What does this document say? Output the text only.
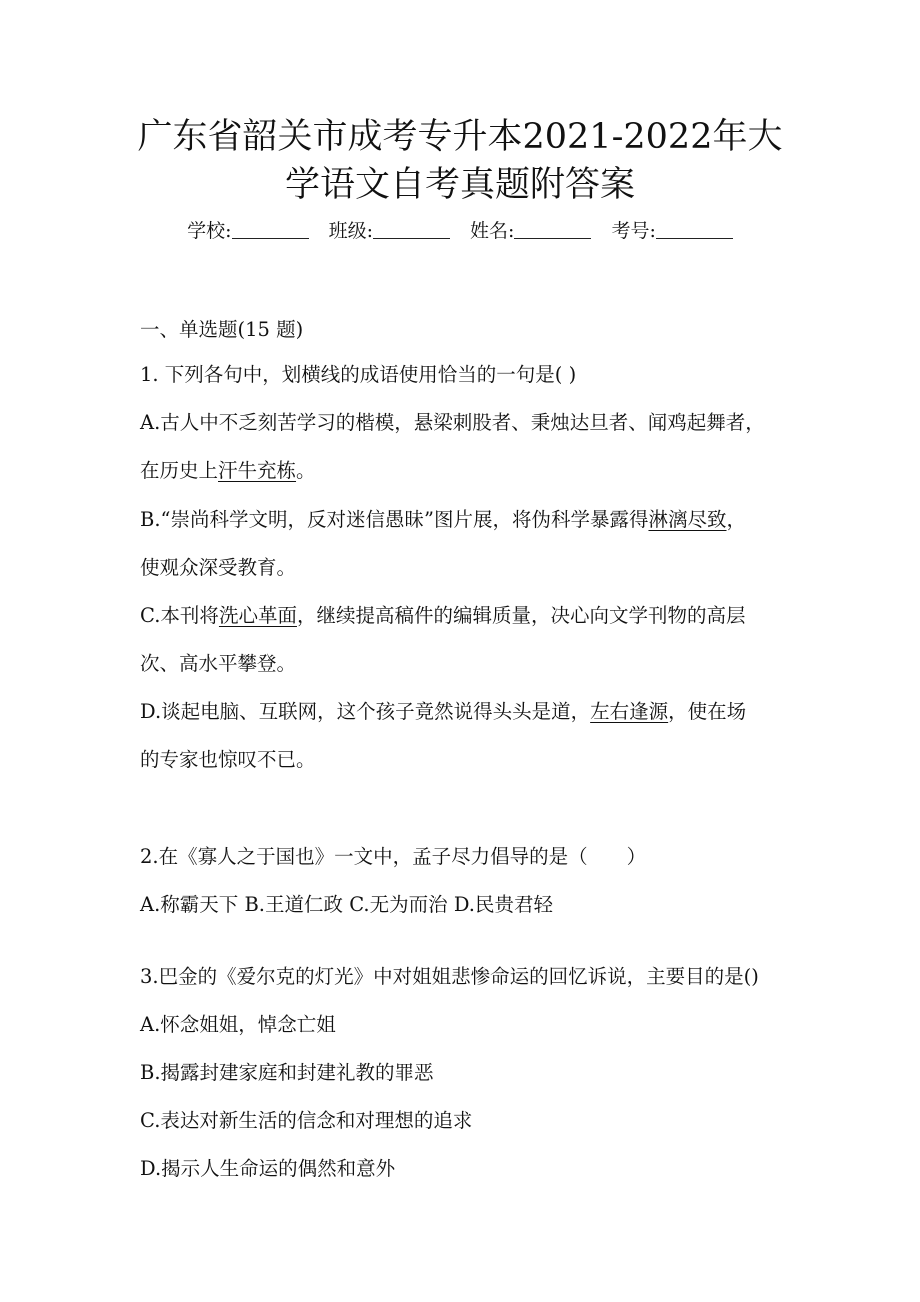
广东省韶关市成考专升本2021-2022年大
学语文自考真题附答案
学校:	班级:	姓名:	考号:
一、单选题(15 题)
1. 下列各句中，划横线的成语使用恰当的一句是( )
A.古人中不乏刻苦学习的楷模，悬梁刺股者、秉烛达旦者、闻鸡起舞者，
在历史上汗牛充栋。
B.“崇尚科学文明，反对迷信愚昧”图片展，将伪科学暴露得淋漓尽致，
使观众深受教育。
C.本刊将洗心革面，继续提高稿件的编辑质量，决心向文学刊物的高层
次、高水平攀登。
D.谈起电脑、互联网，这个孩子竟然说得头头是道，左右逢源，使在场
的专家也惊叹不已。
2.在《寡人之于国也》一文中，孟子尽力倡导的是（　　）
A.称霸天下 B.王道仁政 C.无为而治 D.民贵君轻
3.巴金的《爱尔克的灯光》中对姐姐悲惨命运的回忆诉说，主要目的是()
A.怀念姐姐，悼念亡姐
B.揭露封建家庭和封建礼教的罪恶
C.表达对新生活的信念和对理想的追求
D.揭示人生命运的偶然和意外
